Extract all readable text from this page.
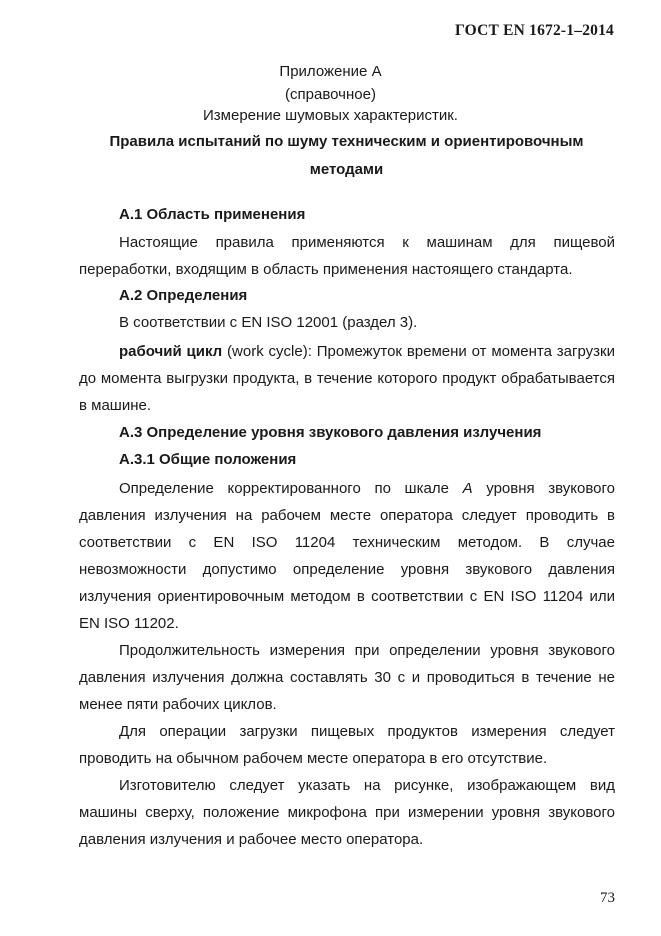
ГОСТ EN 1672-1–2014
Приложение А
(справочное)
Измерение шумовых характеристик.
Правила испытаний по шуму техническим и ориентировочным методами
А.1 Область применения
Настоящие правила применяются к машинам для пищевой переработки, входящим в область применения настоящего стандарта.
А.2 Определения
В соответствии с EN ISO 12001 (раздел 3).
рабочий цикл (work cycle): Промежуток времени от момента загрузки до момента выгрузки продукта, в течение которого продукт обрабатывается в машине.
А.3 Определение уровня звукового давления излучения
А.3.1 Общие положения
Определение корректированного по шкале А уровня звукового давления излучения на рабочем месте оператора следует проводить в соответствии с EN ISO 11204 техническим методом. В случае невозможности допустимо определение уровня звукового давления излучения ориентировочным методом в соответствии с EN ISO 11204 или EN ISO 11202.
Продолжительность измерения при определении уровня звукового давления излучения должна составлять 30 с и проводиться в течение не менее пяти рабочих циклов.
Для операции загрузки пищевых продуктов измерения следует проводить на обычном рабочем месте оператора в его отсутствие.
Изготовителю следует указать на рисунке, изображающем вид машины сверху, положение микрофона при измерении уровня звукового давления излучения и рабочее место оператора.
73
